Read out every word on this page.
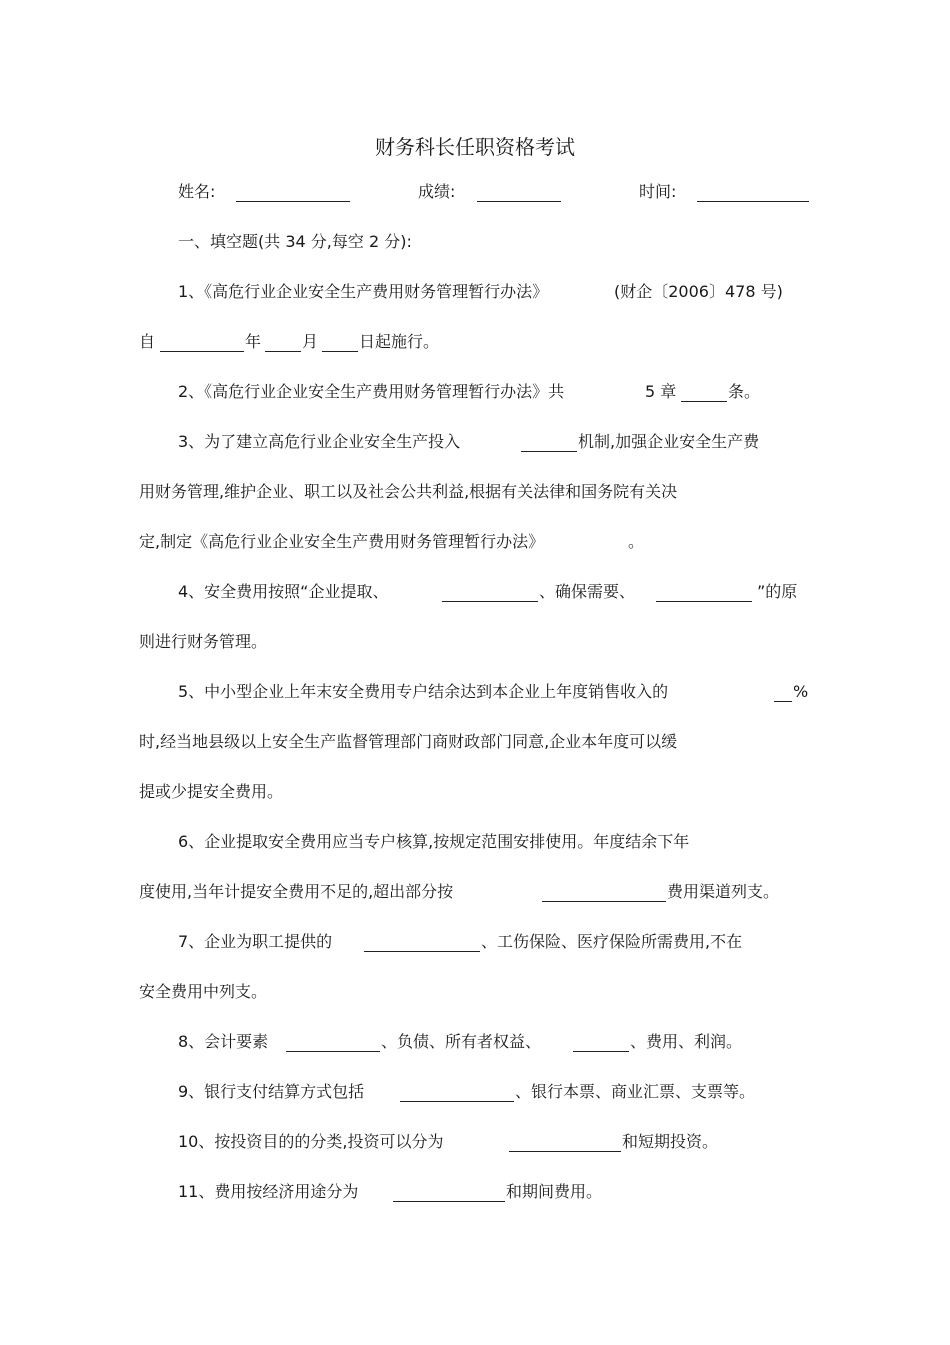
财务科长任职资格考试
姓名:	成绩:	时间:
一、填空题(共 34 分,每空 2 分):
1、《高危行业企业安全生产费用财务管理暂行办法》	(财企〔2006〕478 号)
自	年	月	日起施行。
2、《高危行业企业安全生产费用财务管理暂行办法》共	5 章	条。
3、为了建立高危行业企业安全生产投入	机制,加强企业安全生产费
用财务管理,维护企业、职工以及社会公共利益,根据有关法律和国务院有关决
定,制定《高危行业企业安全生产费用财务管理暂行办法》	。
4、安全费用按照“企业提取、	、确保需要、	”的原
则进行财务管理。
5、中小型企业上年末安全费用专户结余达到本企业上年度销售收入的	%
时,经当地县级以上安全生产监督管理部门商财政部门同意,企业本年度可以缓
提或少提安全费用。
6、企业提取安全费用应当专户核算,按规定范围安排使用。年度结余下年
度使用,当年计提安全费用不足的,超出部分按	费用渠道列支。
7、企业为职工提供的	、工伤保险、医疗保险所需费用,不在
安全费用中列支。
8、会计要素	、负债、所有者权益、	、费用、利润。
9、银行支付结算方式包括	、银行本票、商业汇票、支票等。
10、按投资目的的分类,投资可以分为	和短期投资。
11、费用按经济用途分为	和期间费用。
